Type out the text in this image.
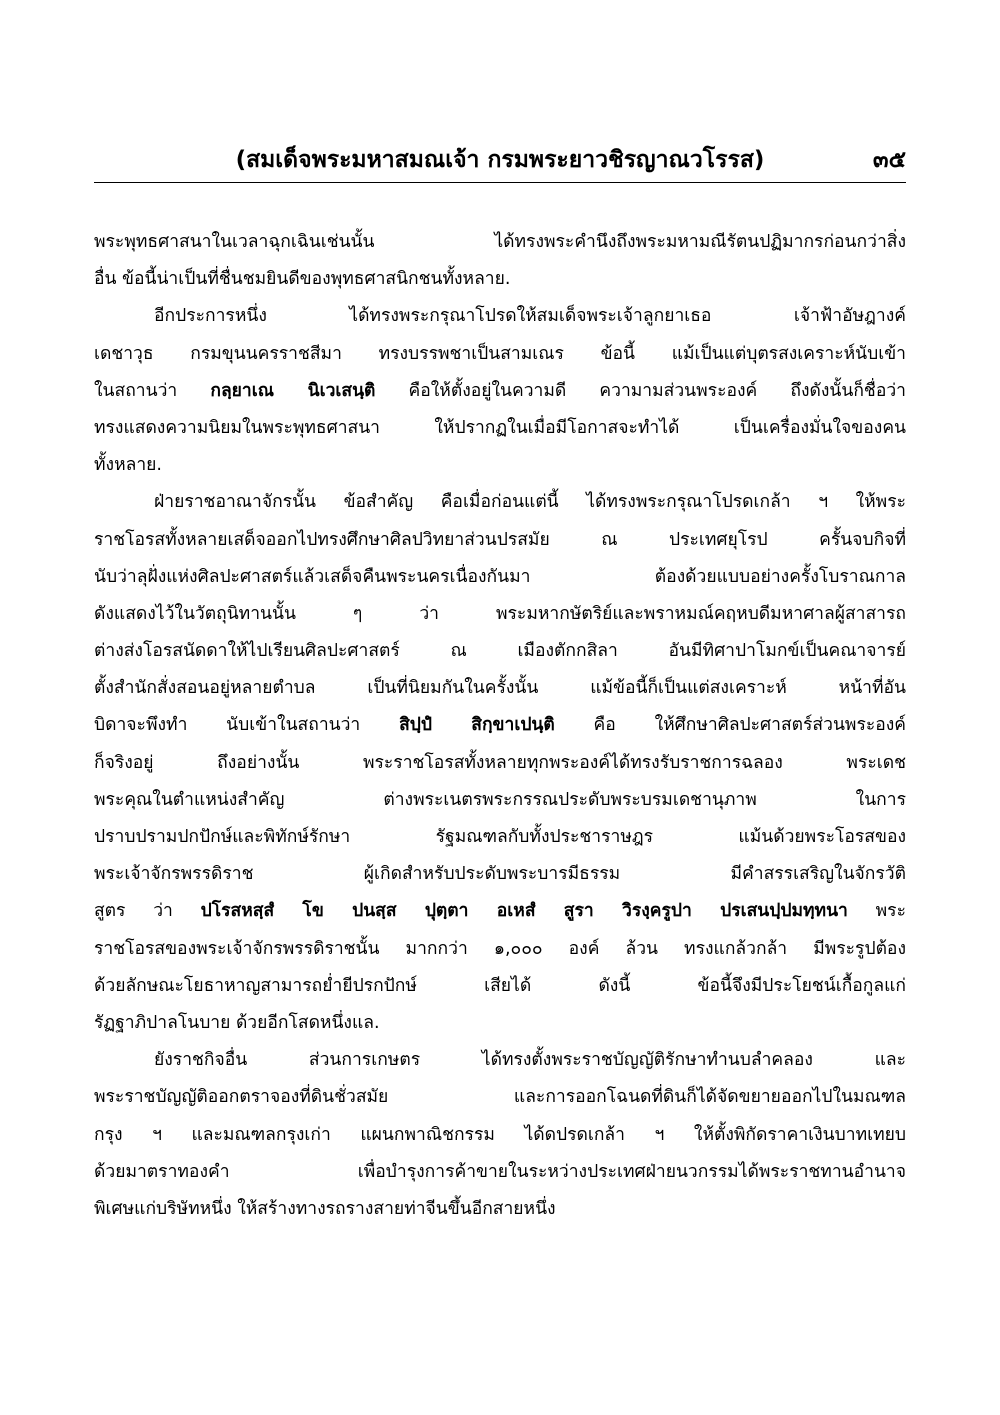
(สมเด็จพระมหาสมณเจ้า กรมพระยาวชิรญาณวโรรส)	๓๕
พระพุทธศาสนาในเวลาฉุกเฉินเช่นนั้น ได้ทรงพระคำนึงถึงพระมหามณีรัตนปฏิมากรก่อนกว่าสิ่ง
อื่น ข้อนี้น่าเป็นที่ชื่นชมยินดีของพุทธศาสนิกชนทั้งหลาย.
อีกประการหนึ่ง ได้ทรงพระกรุณาโปรดให้สมเด็จพระเจ้าลูกยาเธอ เจ้าฟ้าอัษฎางค์
เดชาวุธ กรมขุนนครราชสีมา ทรงบรรพชาเป็นสามเณร ข้อนี้ แม้เป็นแต่บุตรสงเคราะห์นับเข้า
ในสถานว่า กลฺยาเณ นิเวเสนฺติ คือให้ตั้งอยู่ในความดี ความามส่วนพระองค์ ถึงดังนั้นก็ชื่อว่า
ทรงแสดงความนิยมในพระพุทธศาสนา ให้ปรากฏในเมื่อมีโอกาสจะทำได้ เป็นเครื่องมั่นใจของคน
ทั้งหลาย.
ฝ่ายราชอาณาจักรนั้น ข้อสำคัญ คือเมื่อก่อนแต่นี้ ได้ทรงพระกรุณาโปรดเกล้า ฯ ให้พระ
ราชโอรสทั้งหลายเสด็จออกไปทรงศึกษาศิลปวิทยาส่วนปรสมัย ณ ประเทศยุโรป ครั้นจบกิจที่
นับว่าลุฝั่งแห่งศิลปะศาสตร์แล้วเสด็จคืนพระนครเนื่องกันมา ต้องด้วยแบบอย่างครั้งโบราณกาล
ดังแสดงไว้ในวัตถุนิทานนั้น ๆ ว่า พระมหากษัตริย์และพราหมณ์คฤหบดีมหาศาลผู้สาสารถ
ต่างส่งโอรสนัดดาให้ไปเรียนศิลปะศาสตร์ ณ เมืองตักกสิลา อันมีทิศาปาโมกข์เป็นคณาจารย์
ตั้งสำนักสั่งสอนอยู่หลายตำบล เป็นที่นิยมกันในครั้งนั้น แม้ข้อนี้ก็เป็นแต่สงเคราะห์ หน้าที่อัน
บิดาจะพึงทำ นับเข้าในสถานว่า สิปฺปํ สิกฺขาเปนฺติ คือ ให้ศึกษาศิลปะศาสตร์ส่วนพระองค์
ก็จริงอยู่ ถึงอย่างนั้น พระราชโอรสทั้งหลายทุกพระองค์ได้ทรงรับราชการฉลอง พระเดช
พระคุณในตำแหน่งสำคัญ ต่างพระเนตรพระกรรณประดับพระบรมเดชานุภาพ ในการ
ปราบปรามปกปักษ์และพิทักษ์รักษา รัฐมณฑลกับทั้งประชาราษฎร แม้นด้วยพระโอรสของ
พระเจ้าจักรพรรดิราช ผู้เกิดสำหรับประดับพระบารมีธรรม มีคำสรรเสริญในจักรวัติ
สูตร ว่า ปโรสหสฺสํ โข ปนสฺส ปุตฺตา อเหสํ สูรา วิรงฺครูปา ปรเสนปฺปมทฺทนา พระ
ราชโอรสของพระเจ้าจักรพรรดิราชนั้น มากกว่า ๑,๐๐๐ องค์ ล้วน ทรงแกล้วกล้า มีพระรูปต้อง
ด้วยลักษณะโยธาหาญสามารถย่ำยีปรกปักษ์ เสียได้ ดังนี้ ข้อนี้จึงมีประโยชน์เกื้อกูลแก่
รัฏฐาภิปาลโนบาย ด้วยอีกโสดหนึ่งแล.
ยังราชกิจอื่น ส่วนการเกษตร ได้ทรงตั้งพระราชบัญญัติรักษาทำนบลำคลอง และ
พระราชบัญญัติออกตราจองที่ดินชั่วสมัย และการออกโฉนดที่ดินก็ได้จัดขยายออกไปในมณฑล
กรุง ฯ และมณฑลกรุงเก่า แผนกพาณิชกรรม ได้ดปรดเกล้า ฯ ให้ตั้งพิกัดราคาเงินบาทเทยบ
ด้วยมาตราทองคำ เพื่อบำรุงการค้าขายในระหว่างประเทศฝ่ายนวกรรมได้พระราชทานอำนาจ
พิเศษแก่บริษัทหนึ่ง ให้สร้างทางรถรางสายท่าจีนขึ้นอีกสายหนึ่ง
